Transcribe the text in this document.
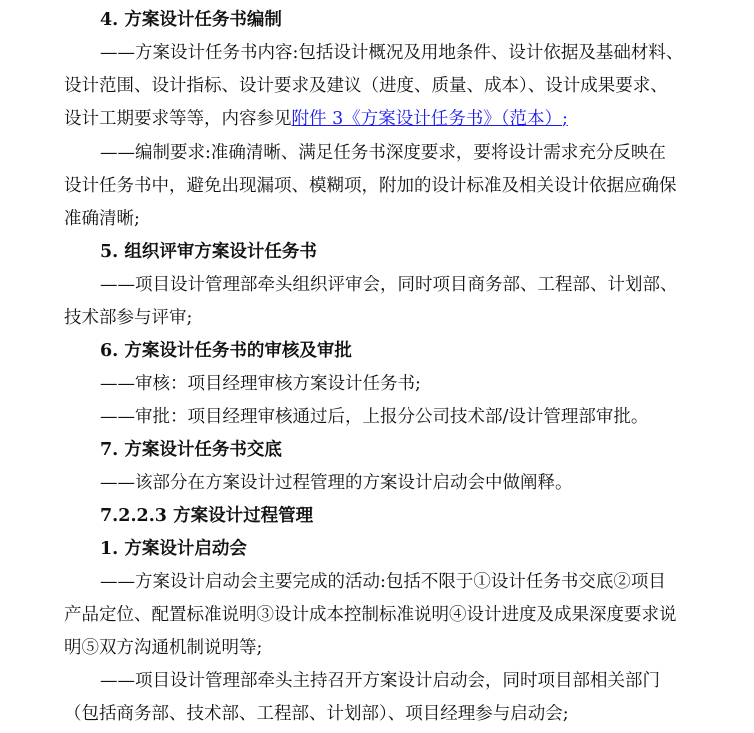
4. 方案设计任务书编制
——方案设计任务书内容:包括设计概况及用地条件、设计依据及基础材料、
设计范围、设计指标、设计要求及建议（进度、质量、成本）、设计成果要求、
设计工期要求等等，内容参见附件 3《方案设计任务书》（范本）;
——编制要求:准确清晰、满足任务书深度要求，要将设计需求充分反映在
设计任务书中，避免出现漏项、模糊项，附加的设计标准及相关设计依据应确保
准确清晰;
5. 组织评审方案设计任务书
——项目设计管理部牵头组织评审会，同时项目商务部、工程部、计划部、
技术部参与评审;
6. 方案设计任务书的审核及审批
——审核：项目经理审核方案设计任务书;
——审批：项目经理审核通过后，上报分公司技术部/设计管理部审批。
7. 方案设计任务书交底
——该部分在方案设计过程管理的方案设计启动会中做阐释。
7.2.2.3 方案设计过程管理
1. 方案设计启动会
——方案设计启动会主要完成的活动:包括不限于①设计任务书交底②项目
产品定位、配置标准说明③设计成本控制标准说明④设计进度及成果深度要求说
明⑤双方沟通机制说明等;
——项目设计管理部牵头主持召开方案设计启动会，同时项目部相关部门
（包括商务部、技术部、工程部、计划部）、项目经理参与启动会;
